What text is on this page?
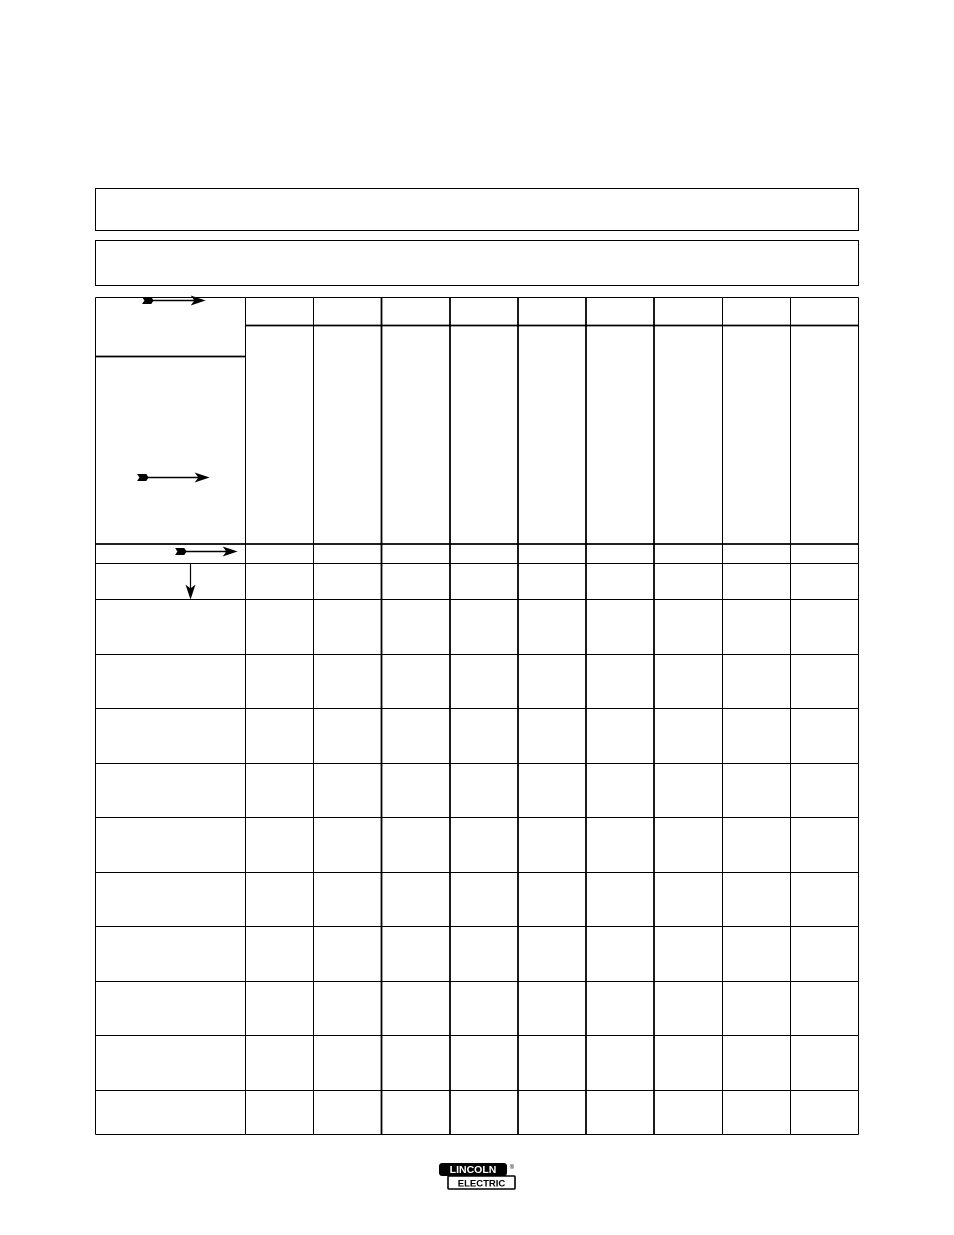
LINCOLN ®
ELECTRIC
